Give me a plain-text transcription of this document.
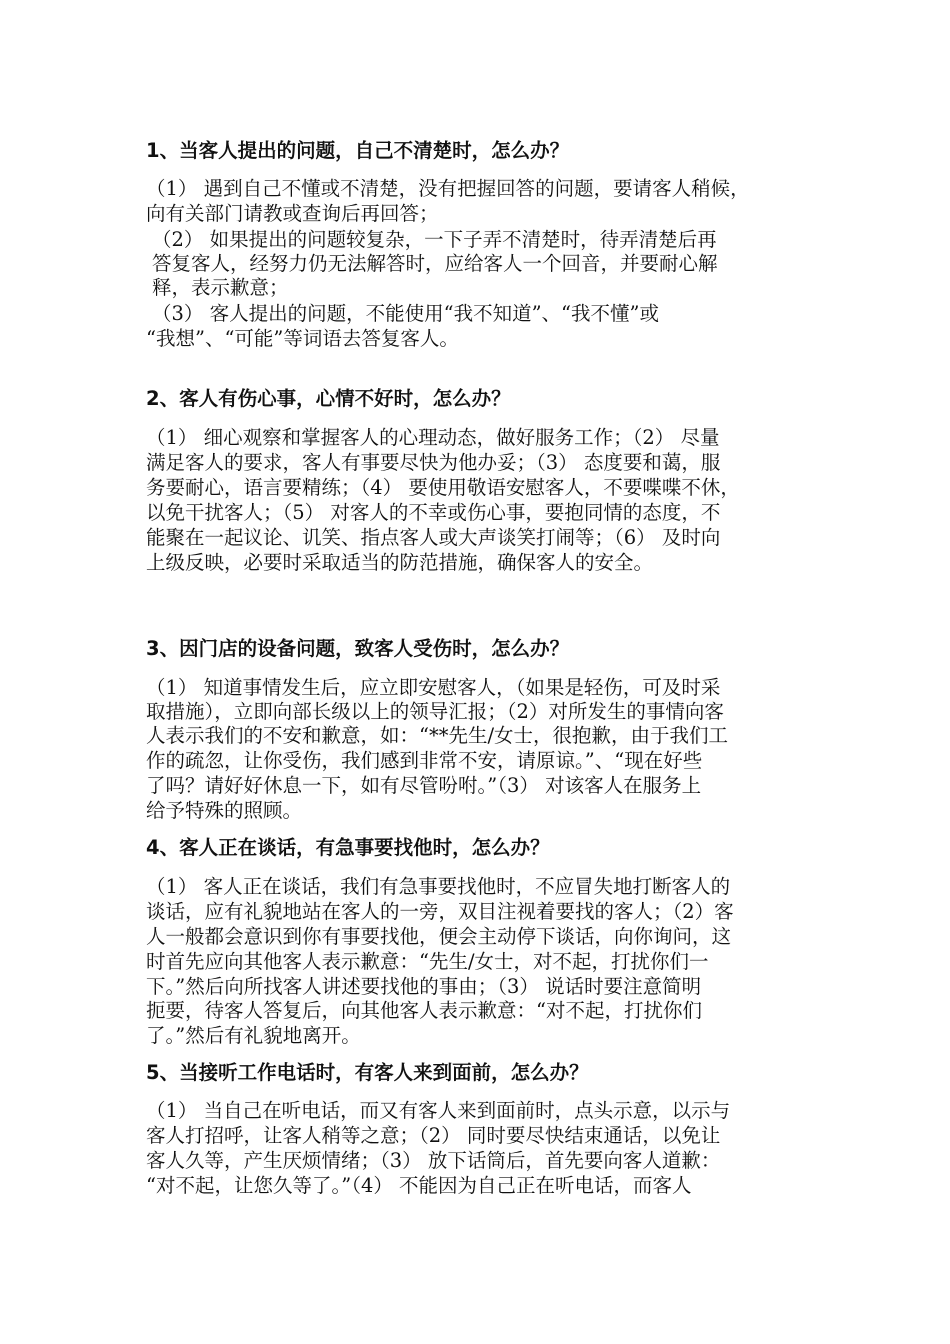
1、当客人提出的问题，自己不清楚时，怎么办？

（1） 遇到自己不懂或不清楚，没有把握回答的问题，要请客人稍候，

向有关部门请教或查询后再回答；

（2） 如果提出的问题较复杂，一下子弄不清楚时，待弄清楚后再

答复客人，经努力仍无法解答时，应给客人一个回音，并要耐心解

释，表示歉意；

（3） 客人提出的问题，不能使用“我不知道”、“我不懂”或

“我想”、“可能”等词语去答复客人。

2、客人有伤心事，心情不好时，怎么办？

（1） 细心观察和掌握客人的心理动态，做好服务工作；（2） 尽量

满足客人的要求，客人有事要尽快为他办妥；（3） 态度要和蔼，服

务要耐心，语言要精练；（4） 要使用敬语安慰客人，不要喋喋不休，

以免干扰客人；（5） 对客人的不幸或伤心事，要抱同情的态度，不

能聚在一起议论、讥笑、指点客人或大声谈笑打闹等；（6） 及时向

上级反映，必要时采取适当的防范措施，确保客人的安全。

3、因门店的设备问题，致客人受伤时，怎么办？

（1） 知道事情发生后，应立即安慰客人，（如果是轻伤，可及时采

取措施），立即向部长级以上的领导汇报；（2）对所发生的事情向客

人表示我们的不安和歉意，如：“**先生/女士，很抱歉，由于我们工

作的疏忽，让你受伤，我们感到非常不安，请原谅。”、“现在好些

了吗？请好好休息一下，如有尽管吩咐。”（3） 对该客人在服务上

给予特殊的照顾。

4、客人正在谈话，有急事要找他时，怎么办？

（1） 客人正在谈话，我们有急事要找他时，不应冒失地打断客人的

谈话，应有礼貌地站在客人的一旁，双目注视着要找的客人；（2）客

人一般都会意识到你有事要找他，便会主动停下谈话，向你询问，这

时首先应向其他客人表示歉意：“先生/女士，对不起，打扰你们一

下。”然后向所找客人讲述要找他的事由；（3） 说话时要注意简明

扼要，待客人答复后，向其他客人表示歉意：“对不起，打扰你们

了。”然后有礼貌地离开。

5、当接听工作电话时，有客人来到面前，怎么办？

（1） 当自己在听电话，而又有客人来到面前时，点头示意，以示与

客人打招呼，让客人稍等之意；（2） 同时要尽快结束通话，以免让

客人久等，产生厌烦情绪；（3） 放下话筒后，首先要向客人道歉：

“对不起，让您久等了。”（4） 不能因为自己正在听电话，而客人
